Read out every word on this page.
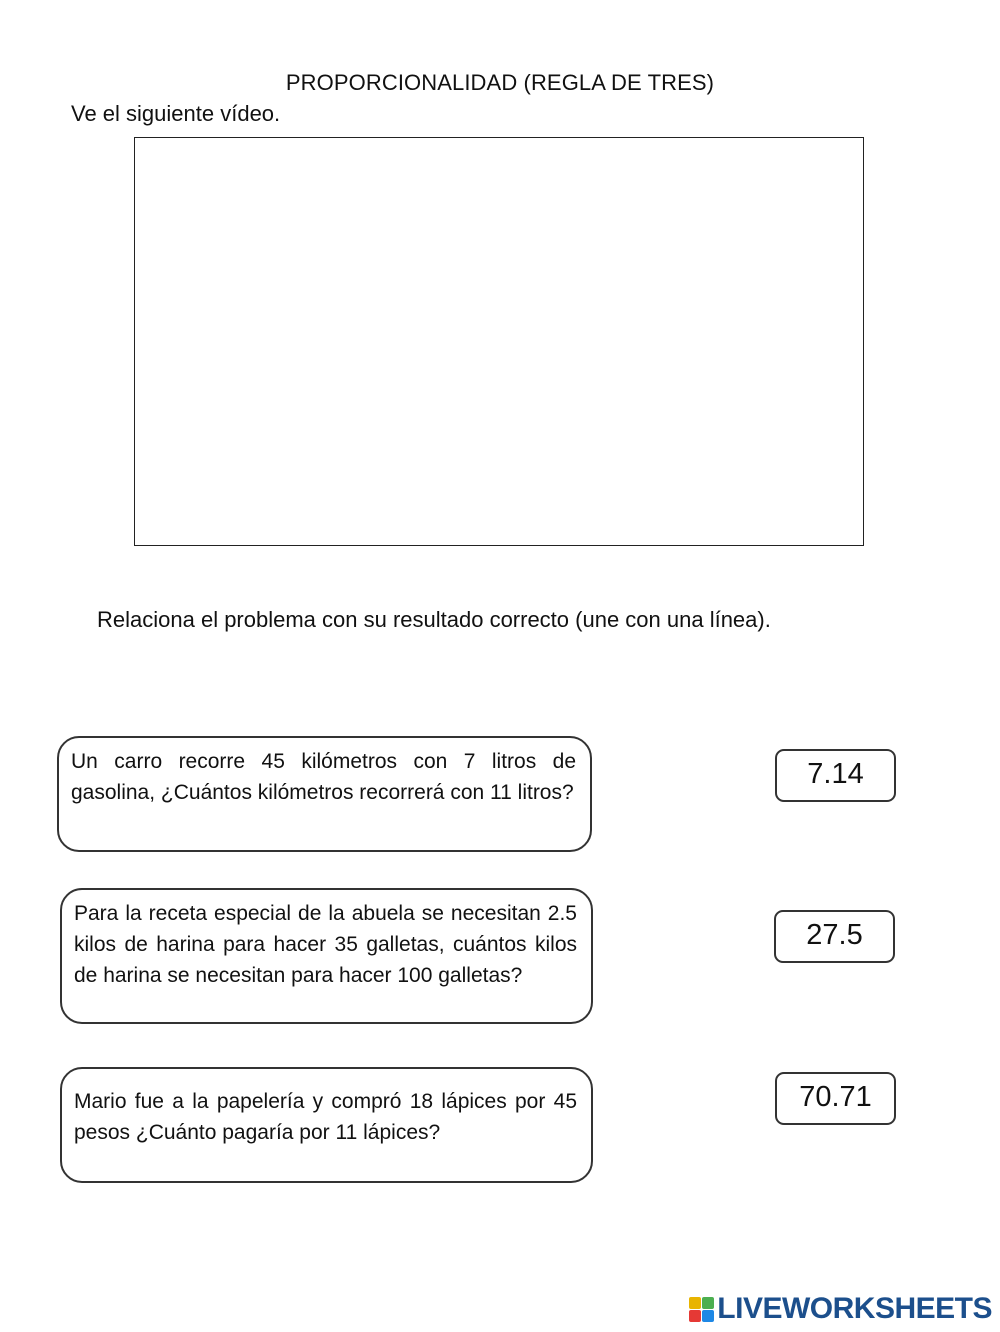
PROPORCIONALIDAD (REGLA DE TRES)
Ve el siguiente vídeo.
Relaciona el problema con su resultado correcto (une con una línea).
Un carro recorre 45 kilómetros con 7 litros de gasolina, ¿Cuántos kilómetros recorrerá con 11 litros?
Para la receta especial de la abuela se necesitan 2.5 kilos de harina para hacer 35 galletas, cuántos kilos de harina se necesitan para hacer 100 galletas?
Mario fue a la papelería y compró 18 lápices por 45 pesos ¿Cuánto pagaría por 11 lápices?
7.14
27.5
70.71
LIVEWORKSHEETS
